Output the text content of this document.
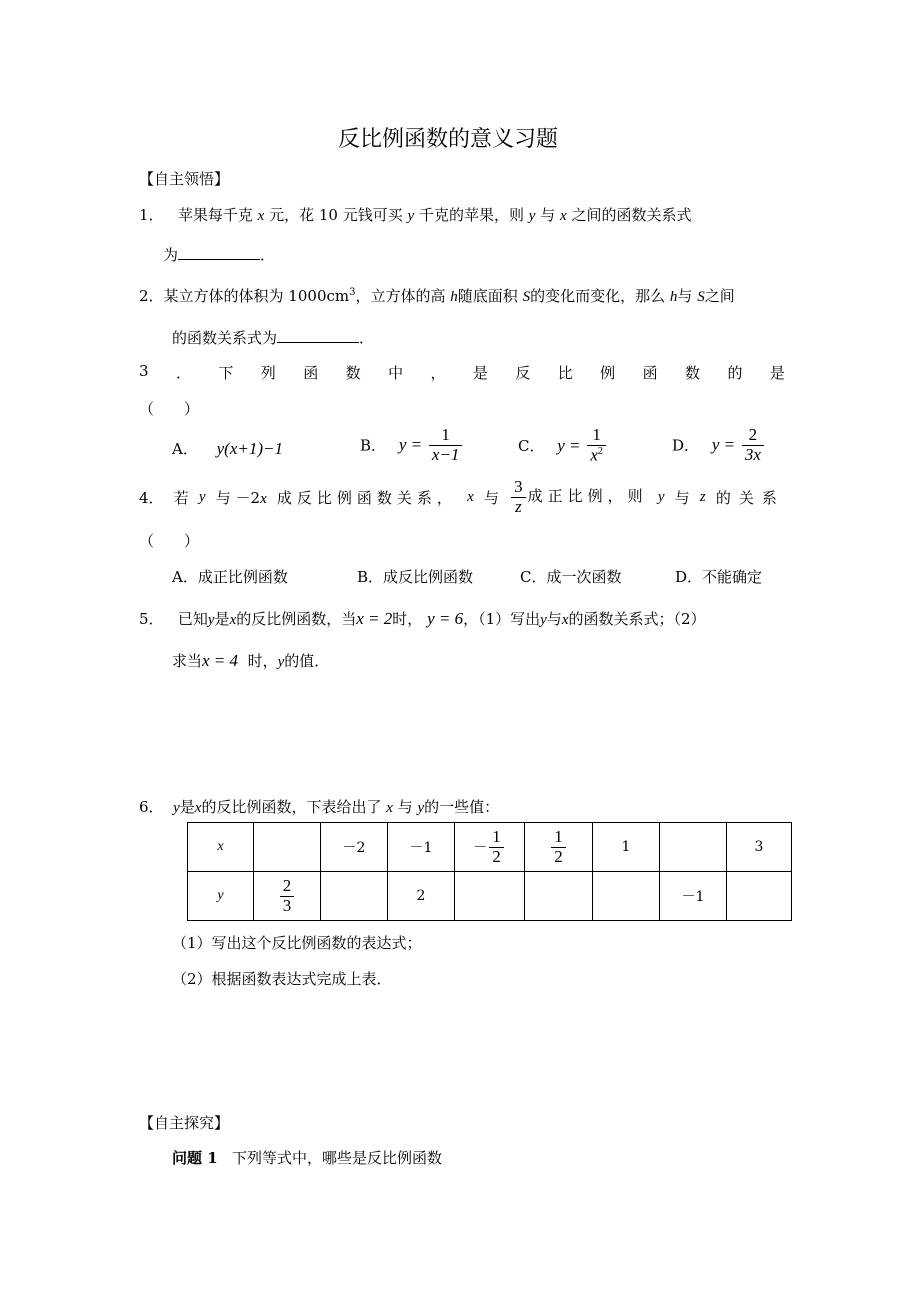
反比例函数的意义习题
【自主领悟】
1． 苹果每千克 x 元，花 10 元钱可买 y 千克的苹果，则 y 与 x 之间的函数关系式
为	．
2．某立方体的体积为 $1000cm^3$，立方体的高 h随底面积 S的变化而变化，那么 h与 S之间
的函数关系式为	．
3 ． 下 列 函 数 中 ， 是 反 比 例 函 数 的 是
（　　）
A． y(x+1)−1	B． $y = \frac{1}{x-1}$	C． $y = \frac{1}{x^2}$	D． $y = \frac{2}{3x}$
4． 若 y 与 －2x 成反比例函数关系， x 与 $\frac{3}{z}$ 成正比例，则 y 与 z 的关系
（　　）
A．成正比例函数	B．成反比例函数	C．成一次函数	D．不能确定
5． 已知y是x的反比例函数，当x = 2时， y = 6，（1）写出y与x的函数关系式；（2）
求当x = 4 时，y的值．
6． y是x的反比例函数，下表给出了 x 与 y的一些值：
x		－2	－1	－ $\frac{1}{2}$	$\frac{1}{2}$	1		3
y	$\frac{2}{3}$		2				－1	
（1）写出这个反比例函数的表达式；
（2）根据函数表达式完成上表．
【自主探究】
问题 1 下列等式中，哪些是反比例函数
